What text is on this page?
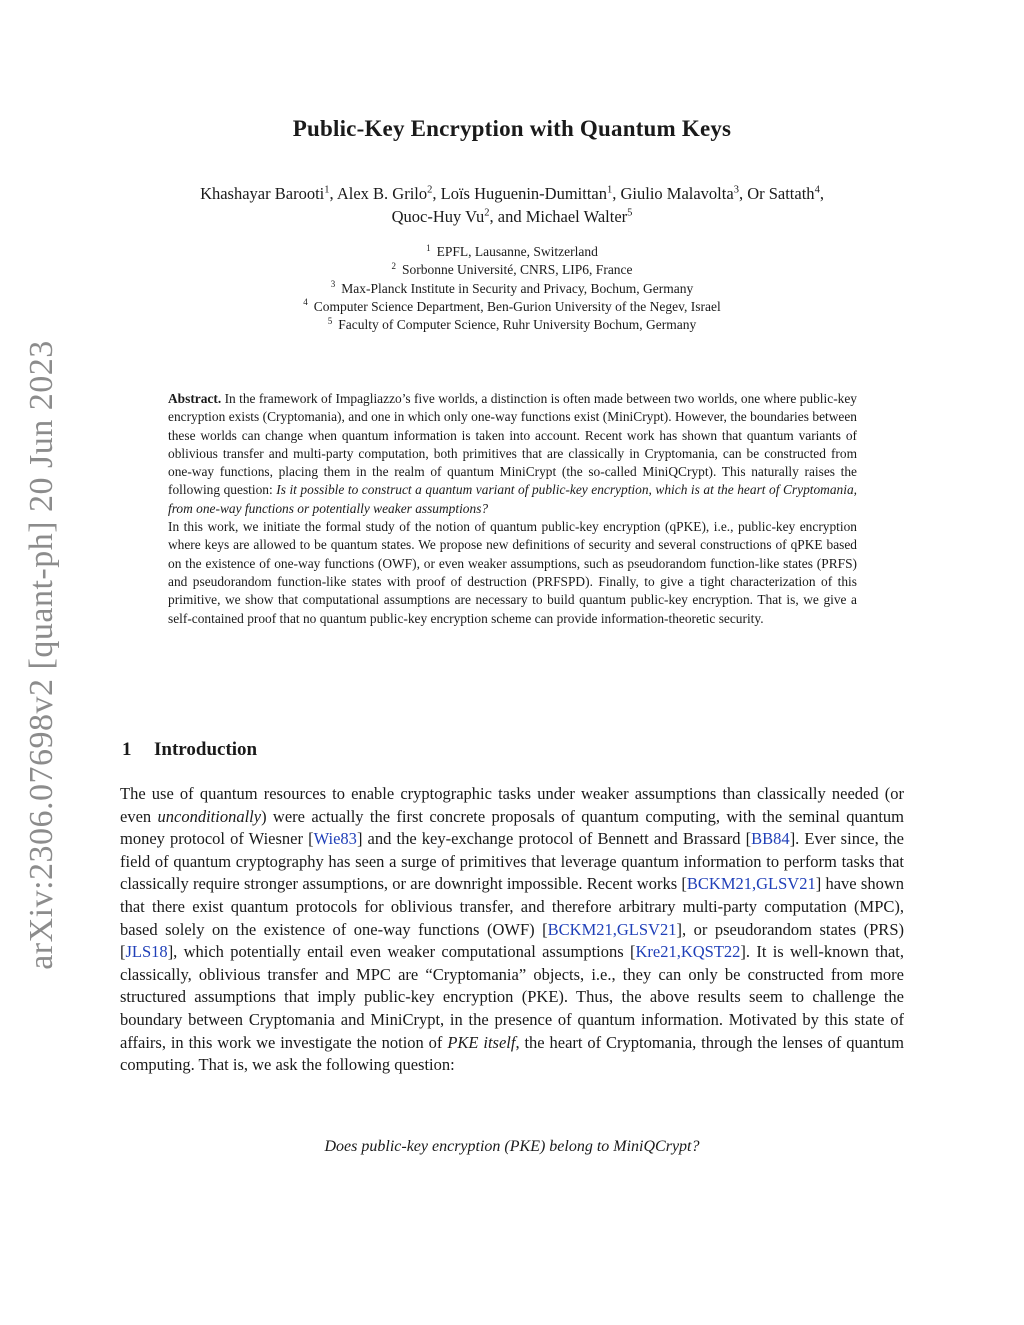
arXiv:2306.07698v2 [quant-ph] 20 Jun 2023
Public-Key Encryption with Quantum Keys
Khashayar Barooti$^1$, Alex B. Grilo$^2$, Loïs Huguenin-Dumittan$^1$, Giulio Malavolta$^3$, Or Sattath$^4$,
Quoc-Huy Vu$^2$, and Michael Walter$^5$
$^1$ EPFL, Lausanne, Switzerland
$^2$ Sorbonne Université, CNRS, LIP6, France
$^3$ Max-Planck Institute in Security and Privacy, Bochum, Germany
$^4$ Computer Science Department, Ben-Gurion University of the Negev, Israel
$^5$ Faculty of Computer Science, Ruhr University Bochum, Germany

Abstract. In the framework of Impagliazzo’s five worlds, a distinction is often made between two worlds, one where public-key encryption exists (Cryptomania), and one in which only one-way functions exist (MiniCrypt). However, the boundaries between these worlds can change when quantum information is taken into account. Recent work has shown that quantum variants of oblivious transfer and multi-party computation, both primitives that are classically in Cryptomania, can be constructed from one-way functions, placing them in the realm of quantum MiniCrypt (the so-called MiniQCrypt). This naturally raises the following question: Is it possible to construct a quantum variant of public-key encryption, which is at the heart of Cryptomania, from one-way functions or potentially weaker assumptions?

In this work, we initiate the formal study of the notion of quantum public-key encryption (qPKE), i.e., public-key encryption where keys are allowed to be quantum states. We propose new definitions of security and several constructions of qPKE based on the existence of one-way functions (OWF), or even weaker assumptions, such as pseudorandom function-like states (PRFS) and pseudorandom function-like states with proof of destruction (PRFSPD). Finally, to give a tight characterization of this primitive, we show that computational assumptions are necessary to build quantum public-key encryption. That is, we give a self-contained proof that no quantum public-key encryption scheme can provide information-theoretic security.

1 Introduction

The use of quantum resources to enable cryptographic tasks under weaker assumptions than classically needed (or even unconditionally) were actually the first concrete proposals of quantum computing, with the seminal quantum money protocol of Wiesner [Wie83] and the key-exchange protocol of Bennett and Brassard [BB84]. Ever since, the field of quantum cryptography has seen a surge of primitives that leverage quantum information to perform tasks that classically require stronger assumptions, or are downright impossible. Recent works [BCKM21,GLSV21] have shown that there exist quantum protocols for oblivious transfer, and therefore arbitrary multi-party computation (MPC), based solely on the existence of one-way functions (OWF) [BCKM21,GLSV21], or pseudorandom states (PRS) [JLS18], which potentially entail even weaker computational assumptions [Kre21,KQST22]. It is well-known that, classically, oblivious transfer and MPC are “Cryptomania” objects, i.e., they can only be constructed from more structured assumptions that imply public-key encryption (PKE). Thus, the above results seem to challenge the boundary between Cryptomania and MiniCrypt, in the presence of quantum information. Motivated by this state of affairs, in this work we investigate the notion of PKE itself, the heart of Cryptomania, through the lenses of quantum computing. That is, we ask the following question:

Does public-key encryption (PKE) belong to MiniQCrypt?
